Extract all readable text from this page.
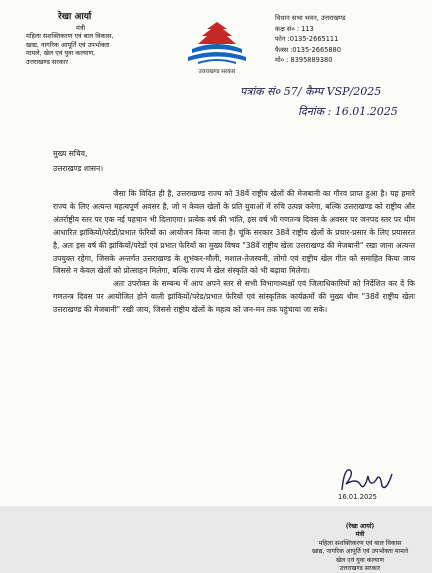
रेखा आर्या
मंत्री
महिला सशक्तिकरण एवं बाल विकास,
खाद्य, नागरिक आपूर्ति एवं उपभोक्ता
मामले, खेल एवं युवा कल्याण,
उत्तराखण्ड सरकार
उत्तराखण्ड सरकार
विधान सभा भवन, उत्तराखण्ड
कक्ष सं० : 113
फोन :0135-2665111
फैक्स :0135-2665880
मो० : 8395889380
पत्रांक सं० 57/ कैम्प VSP/2025
दिनांक : 16.01.2025
मुख्य सचिव,
उत्तराखण्ड शासन।

जैसा कि विदित ही है, उत्तराखण्ड राज्य को 38वें राष्ट्रीय खेलों की मेजबानी का गौरव प्राप्त हुआ है। यह हमारे राज्य के लिए अत्यन्त महत्वपूर्ण अवसर है, जो न केवल खेलों के प्रति युवाओं में रुचि उत्पन्न करेगा, बल्कि उत्तराखण्ड को राष्ट्रीय और अंतर्राष्ट्रीय स्तर पर एक नई पहचान भी दिलाएगा। प्रत्येक वर्ष की भांति, इस वर्ष भी गणतन्त्र दिवस के अवसर पर जनपद स्तर पर थीम आधारित झांकियों/परेडों/प्रभात फेरियों का आयोजन किया जाना है। चूंकि सरकार 38वें राष्ट्रीय खेलों के प्रचार-प्रसार के लिए प्रयासरत है, अतः इस वर्ष की झांकियों/परेडों एवं प्रभात फेरियों का मुख्य विषय "38वें राष्ट्रीय खेलः उत्तराखण्ड की मेजबानी" रखा जाना अत्यन्त उपयुक्त रहेगा, जिसके अन्तर्गत उत्तराखण्ड के शुभंकर-मौली, मशाल-तेजस्वनी, लोगो एवं राष्ट्रीय खेल गीत को समाहित किया जाय जिससे न केवल खेलों को प्रोत्साहन मिलेगा, बल्कि राज्य में खेल संस्कृति को भी बढ़ावा मिलेगा।

अतः उपरोक्त के सम्बन्ध में आप अपने स्तर से सभी विभागाध्यक्षों एवं जिलाधिकारियों को निर्देशित कर दें कि गणतन्त्र दिवस पर आयोजित होने वाली झांकियों/परेड/प्रभात फेरियों एवं सांस्कृतिक कार्यक्रमों की मुख्य थीम "38वें राष्ट्रीय खेलः उत्तराखण्ड की मेजबानी" रखी जाय, जिससे राष्ट्रीय खेलों के महत्व को जन-मन तक पहुंचाया जा सके।

16.01.2025
(रेखा आर्या)
मंत्री
महिला सशक्तिकरण एवं बाल विकास
खाद्य, नागरिक आपूर्ति एवं उपभोक्ता मामले
खेल एवं युवा कल्याण
उत्तराखण्ड सरकार
